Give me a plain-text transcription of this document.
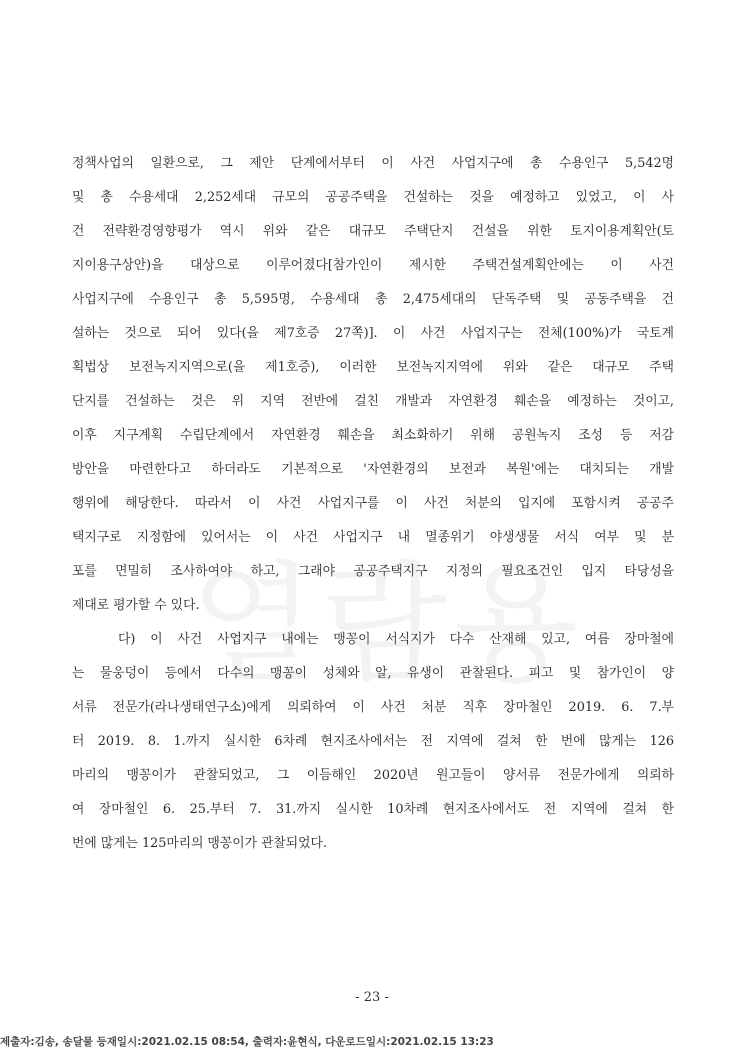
정책사업의 일환으로, 그 제안 단계에서부터 이 사건 사업지구에 총 수용인구 5,542명
및 총 수용세대 2,252세대 규모의 공공주택을 건설하는 것을 예정하고 있었고, 이 사
건 전략환경영향평가 역시 위와 같은 대규모 주택단지 건설을 위한 토지이용계획안(토
지이용구상안)을 대상으로 이루어졌다[참가인이 제시한 주택건설계획안에는 이 사건
사업지구에 수용인구 총 5,595명, 수용세대 총 2,475세대의 단독주택 및 공동주택을 건
설하는 것으로 되어 있다(을 제7호증 27쪽)]. 이 사건 사업지구는 전체(100%)가 국토계
획법상 보전녹지지역으로(을 제1호증), 이러한 보전녹지지역에 위와 같은 대규모 주택
단지를 건설하는 것은 위 지역 전반에 걸친 개발과 자연환경 훼손을 예정하는 것이고,
이후 지구계획 수립단계에서 자연환경 훼손을 최소화하기 위해 공원녹지 조성 등 저감
방안을 마련한다고 하더라도 기본적으로 '자연환경의 보전과 복원'에는 대치되는 개발
행위에 해당한다. 따라서 이 사건 사업지구를 이 사건 처분의 입지에 포함시켜 공공주
택지구로 지정함에 있어서는 이 사건 사업지구 내 멸종위기 야생생물 서식 여부 및 분
포를 면밀히 조사하여야 하고, 그래야 공공주택지구 지정의 필요조건인 입지 타당성을
제대로 평가할 수 있다.
다) 이 사건 사업지구 내에는 맹꽁이 서식지가 다수 산재해 있고, 여름 장마철에
는 물웅덩이 등에서 다수의 맹꽁이 성체와 알, 유생이 관찰된다. 피고 및 참가인이 양
서류 전문가(라나생태연구소)에게 의뢰하여 이 사건 처분 직후 장마철인 2019. 6. 7.부
터 2019. 8. 1.까지 실시한 6차례 현지조사에서는 전 지역에 걸쳐 한 번에 많게는 126
마리의 맹꽁이가 관찰되었고, 그 이듬해인 2020년 원고들이 양서류 전문가에게 의뢰하
여 장마철인 6. 25.부터 7. 31.까지 실시한 10차례 현지조사에서도 전 지역에 걸쳐 한
번에 많게는 125마리의 맹꽁이가 관찰되었다.
- 23 -
제출자:김송, 송달물 등재일시:2021.02.15 08:54, 출력자:윤현식, 다운로드일시:2021.02.15 13:23
